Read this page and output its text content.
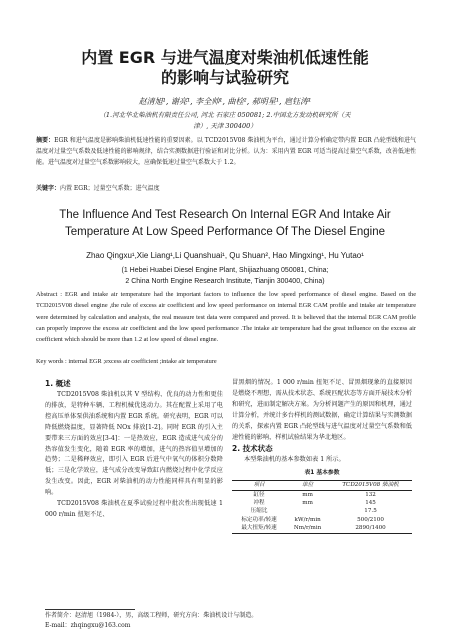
内置 EGR 与进气温度对柴油机低速性能
的影响与试验研究
赵清旭¹, 谢亮¹, 李全帅¹, 曲栓², 郝明星¹, 扈钰涛¹
（1.河北华北柴油机有限责任公司, 河北 石家庄 050081; 2.中国北方发动机研究所（天
津）, 天津 300400）
摘要：EGR 和进气温度是影响柴油机低速性能的重要因素。以 TCD2015V08 柴油机为平台，通过计算分析确定带内置 EGR 凸轮型线和进气温度对过量空气系数及低速性能的影响规律，结合实测数据进行验证和对比分析。认为：采用内置 EGR 可适当提高过量空气系数，改善低速性能。进气温度对过量空气系数影响较大，应确保低速过量空气系数大于 1.2。
关键字：内置 EGR；过量空气系数；进气温度
The Influence And Test Research On Internal EGR And Intake Air
Temperature At Low Speed Performance Of The Diesel Engine
Zhao Qingxu¹,Xie Liang¹,Li Quanshuai¹, Qu Shuan², Hao Mingxing¹, Hu Yutao¹
(1 Hebei Huabei Diesel Engine Plant, Shijiazhuang 050081, China;
2 China North Engine Research Institute, Tianjin 300400, China)
Abstract : EGR and intake air temperature had the important factors to influence the low speed performance of diesel engine. Based on the TCD2015V08 diesel engine ,the rule of excess air coefficient and low speed performance on internal EGR CAM profile and intake air temperature were determined by calculation and analysis, the real measure test data were compared and proved. It is believed that the internal EGR CAM profile can properly improve the excess air coefficient and the low speed performance .The intake air temperature had the great influence on the excess air coefficient which should be more than 1.2 at low speed of diesel engine.
Key words : internal EGR ;excess air coefficient ;intake air temperature
1. 概述

TCD2015V08 柴油机以其 V 型结构、优良的动力性和更佳的排放，是特种车辆、工程机械优选动力。其在配置上采用了电控高压单体泵供油系统和内置 EGR 系统。研究表明，EGR 可以降低燃烧温度，显著降低 NOx 排放[1-2]。同时 EGR 的引入主要带来三方面的效应[3-4]：一是热效应，EGR 造成进气成分的热容值发生变化，随着 EGR 率的增加，进气的热容值呈增加的趋势；二是稀释效应，即引入 EGR 后进气中氧气的体积分数降低；三是化学效应，进气成分改变导致缸内燃烧过程中化学反应发生改变。因此，EGR 对柴油机的动力性能同样具有明显的影响。

TCD2015V08 柴油机在夏季试验过程中批次性出现低速 1 000 r/min 扭矩不足、

冒黑烟的情况。1 000 r/min 扭矩不足、冒黑烟现象的直接原因是燃烧不理想，需从技术状态、系统匹配状态等方面开展技术分析和研究，进而制定解决方案。为分析问题产生的原因和机理，通过计算分析，并统计多台样机的测试数据，确定计算结果与实测数据的关系，探索内置 EGR 凸轮型线与进气温度对过量空气系数和低速性能的影响，样机试验结果为华北地区。

2. 技术状态

本型柴油机的基本参数如表 1 所示。

表1 基本参数
项目	单位	TCD2015V08 柴油机
缸径	mm	132
冲程	mm	145
压缩比		17.5
标定功率/转速	kW/r/min	500/2100
最大扭矩/转速	Nm/r/min	2890/1400
作者简介：赵清旭（1984-），男，高级工程师，研究方向：柴油机设计与制造。
E-mail：zhqingxu@163.com
